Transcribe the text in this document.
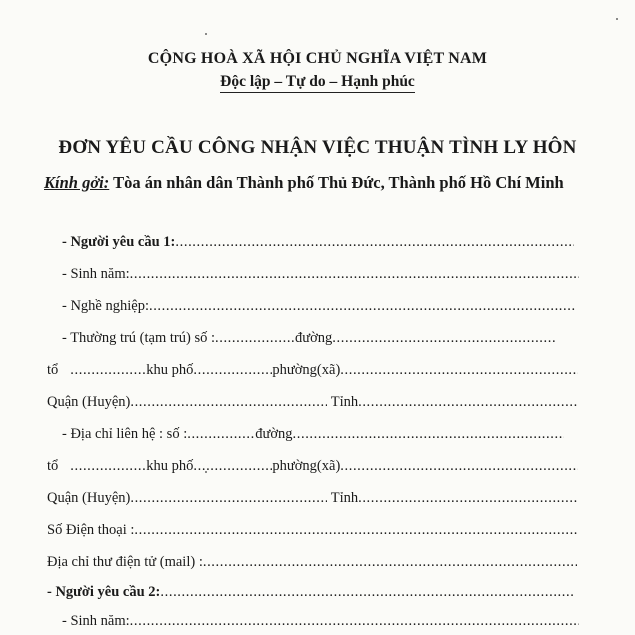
CỘNG HOÀ XÃ HỘI CHỦ NGHĨA VIỆT NAM
Độc lập – Tự do – Hạnh phúc
ĐƠN YÊU CẦU CÔNG NHẬN VIỆC THUẬN TÌNH LY HÔN
Kính gởi: Tòa án nhân dân Thành phố Thủ Đức, Thành phố Hồ Chí Minh
- Người yêu cầu 1:
.....
- Sinh năm:
.....
- Nghề nghiệp:
.....
- Thường trú (tạm trú) số : .....	đường
.....
tổ .....	khu phố .....	phường(xã)
.....
Quận (Huyện) .....	Tỉnh
.....
- Địa chỉ liên hệ : số : .....	đường
.....
tổ .....	khu phố .....	phường(xã)
.....
Quận (Huyện) .....	Tỉnh
.....
Số Điện thoại :
.....
Địa chỉ thư điện tử (mail) :
.....
- Người yêu cầu 2:
.....
- Sinh năm:
.....
